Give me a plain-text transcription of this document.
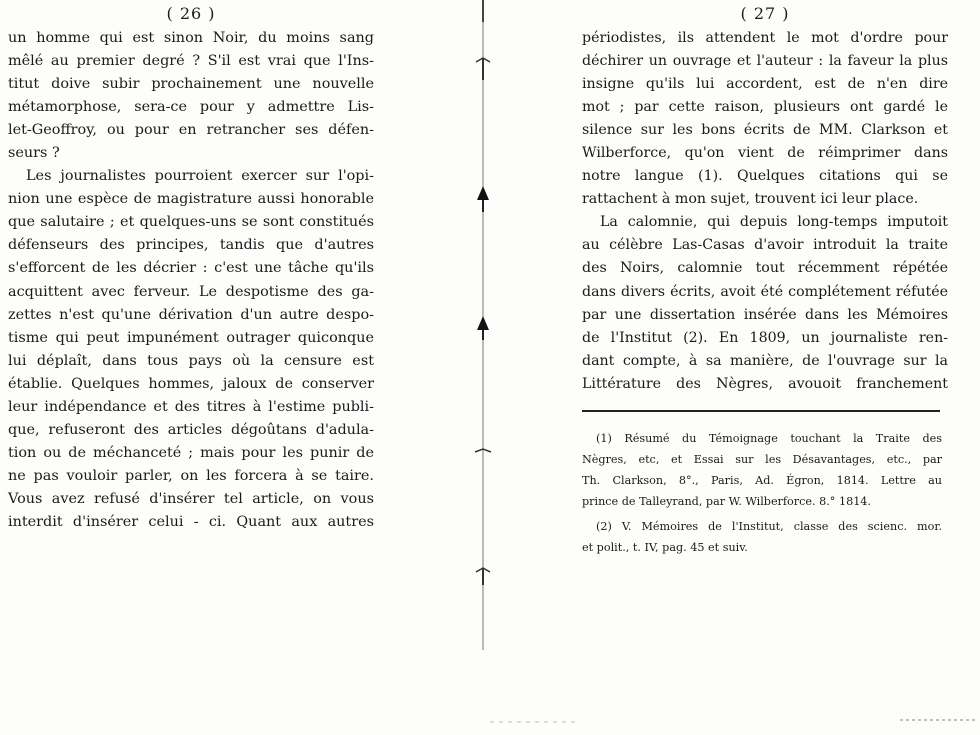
( 26 )
un homme qui est sinon Noir, du moins sang
mêlé au premier degré ? S'il est vrai que l'Ins-
titut doive subir prochainement une nouvelle
métamorphose, sera-ce pour y admettre Lis-
let-Geoffroy, ou pour en retrancher ses défen-
seurs ?
Les journalistes pourroient exercer sur l'opi-
nion une espèce de magistrature aussi honorable
que salutaire ; et quelques-uns se sont constitués
défenseurs des principes, tandis que d'autres
s'efforcent de les décrier : c'est une tâche qu'ils
acquittent avec ferveur. Le despotisme des ga-
zettes n'est qu'une dérivation d'un autre despo-
tisme qui peut impunément outrager quiconque
lui déplaît, dans tous pays où la censure est
établie. Quelques hommes, jaloux de conserver
leur indépendance et des titres à l'estime publi-
que, refuseront des articles dégoûtans d'adula-
tion ou de méchanceté ; mais pour les punir de
ne pas vouloir parler, on les forcera à se taire.
Vous avez refusé d'insérer tel article, on vous
interdit d'insérer celui - ci. Quant aux autres
( 27 )
périodistes, ils attendent le mot d'ordre pour
déchirer un ouvrage et l'auteur : la faveur la plus
insigne qu'ils lui accordent, est de n'en dire
mot ; par cette raison, plusieurs ont gardé le
silence sur les bons écrits de MM. Clarkson et
Wilberforce, qu'on vient de réimprimer dans
notre langue (1). Quelques citations qui se
rattachent à mon sujet, trouvent ici leur place.
La calomnie, qui depuis long-temps imputoit
au célèbre Las-Casas d'avoir introduit la traite
des Noirs, calomnie tout récemment répétée
dans divers écrits, avoit été complétement réfutée
par une dissertation insérée dans les Mémoires
de l'Institut (2). En 1809, un journaliste ren-
dant compte, à sa manière, de l'ouvrage sur la
Littérature des Nègres, avouoit franchement
(1) Résumé du Témoignage touchant la Traite des
Nègres, etc, et Essai sur les Désavantages, etc., par
Th. Clarkson, 8°., Paris, Ad. Égron, 1814. Lettre au
prince de Talleyrand, par W. Wilberforce. 8.° 1814.
(2) V. Mémoires de l'Institut, classe des scienc. mor.
et polit., t. IV, pag. 45 et suiv.
